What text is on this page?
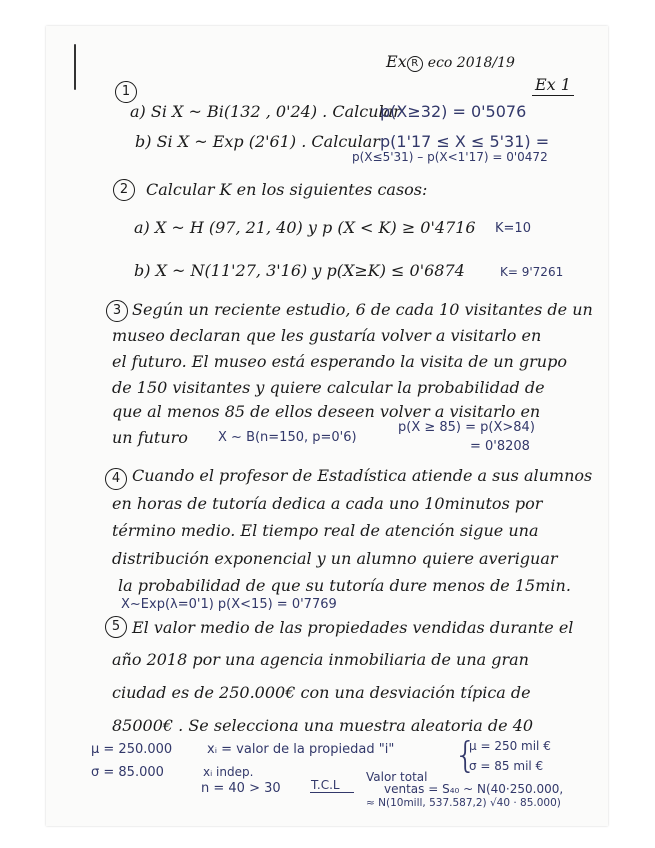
Ex R eco 2018/19
Ex 1
1
a) Si X ~ Bi(132 , 0'24) . Calcular
p(X≥32) = 0'5076
b) Si X ~ Exp (2'61) . Calcular p(1'17 ≤ X ≤ 5'31) =
p(X≤5'31) – p(X<1'17) = 0'0472
2	Calcular K en los siguientes casos:
a) X ~ H (97, 21, 40) y p (X < K) ≥ 0'4716 K=10
b) X ~ N(11'27, 3'16) y p(X≥K) ≤ 0'6874	K= 9'7261
3 Según un reciente estudio, 6 de cada 10 visitantes de un
museo declaran que les gustaría volver a visitarlo en
el futuro. El museo está esperando la visita de un grupo
de 150 visitantes y quiere calcular la probabilidad de
que al menos 85 de ellos deseen volver a visitarlo en
un futuro X ~ B(n=150, p=0'6)
p(X ≥ 85) = p(X>84)
= 0'8208
4 Cuando el profesor de Estadística atiende a sus alumnos
en horas de tutoría dedica a cada uno 10minutos por
término medio. El tiempo real de atención sigue una
distribución exponencial y un alumno quiere averiguar
la probabilidad de que su tutoría dure menos de 15min.
X~Exp(λ=0'1) p(X<15) = 0'7769
5 El valor medio de las propiedades vendidas durante el
año 2018 por una agencia inmobiliaria de una gran
ciudad es de 250.000€ con una desviación típica de
85000€ . Se selecciona una muestra aleatoria de 40
μ = 250.000
σ = 85.000
xᵢ = valor de la propiedad "i"
xᵢ indep.
n = 40 > 30
{
μ = 250 mil €
σ = 85 mil €
T.C.L
Valor total
ventas = S₄₀ ~ N(40·250.000,
≈ N(10mill, 537.587,2) √40 · 85.000)
